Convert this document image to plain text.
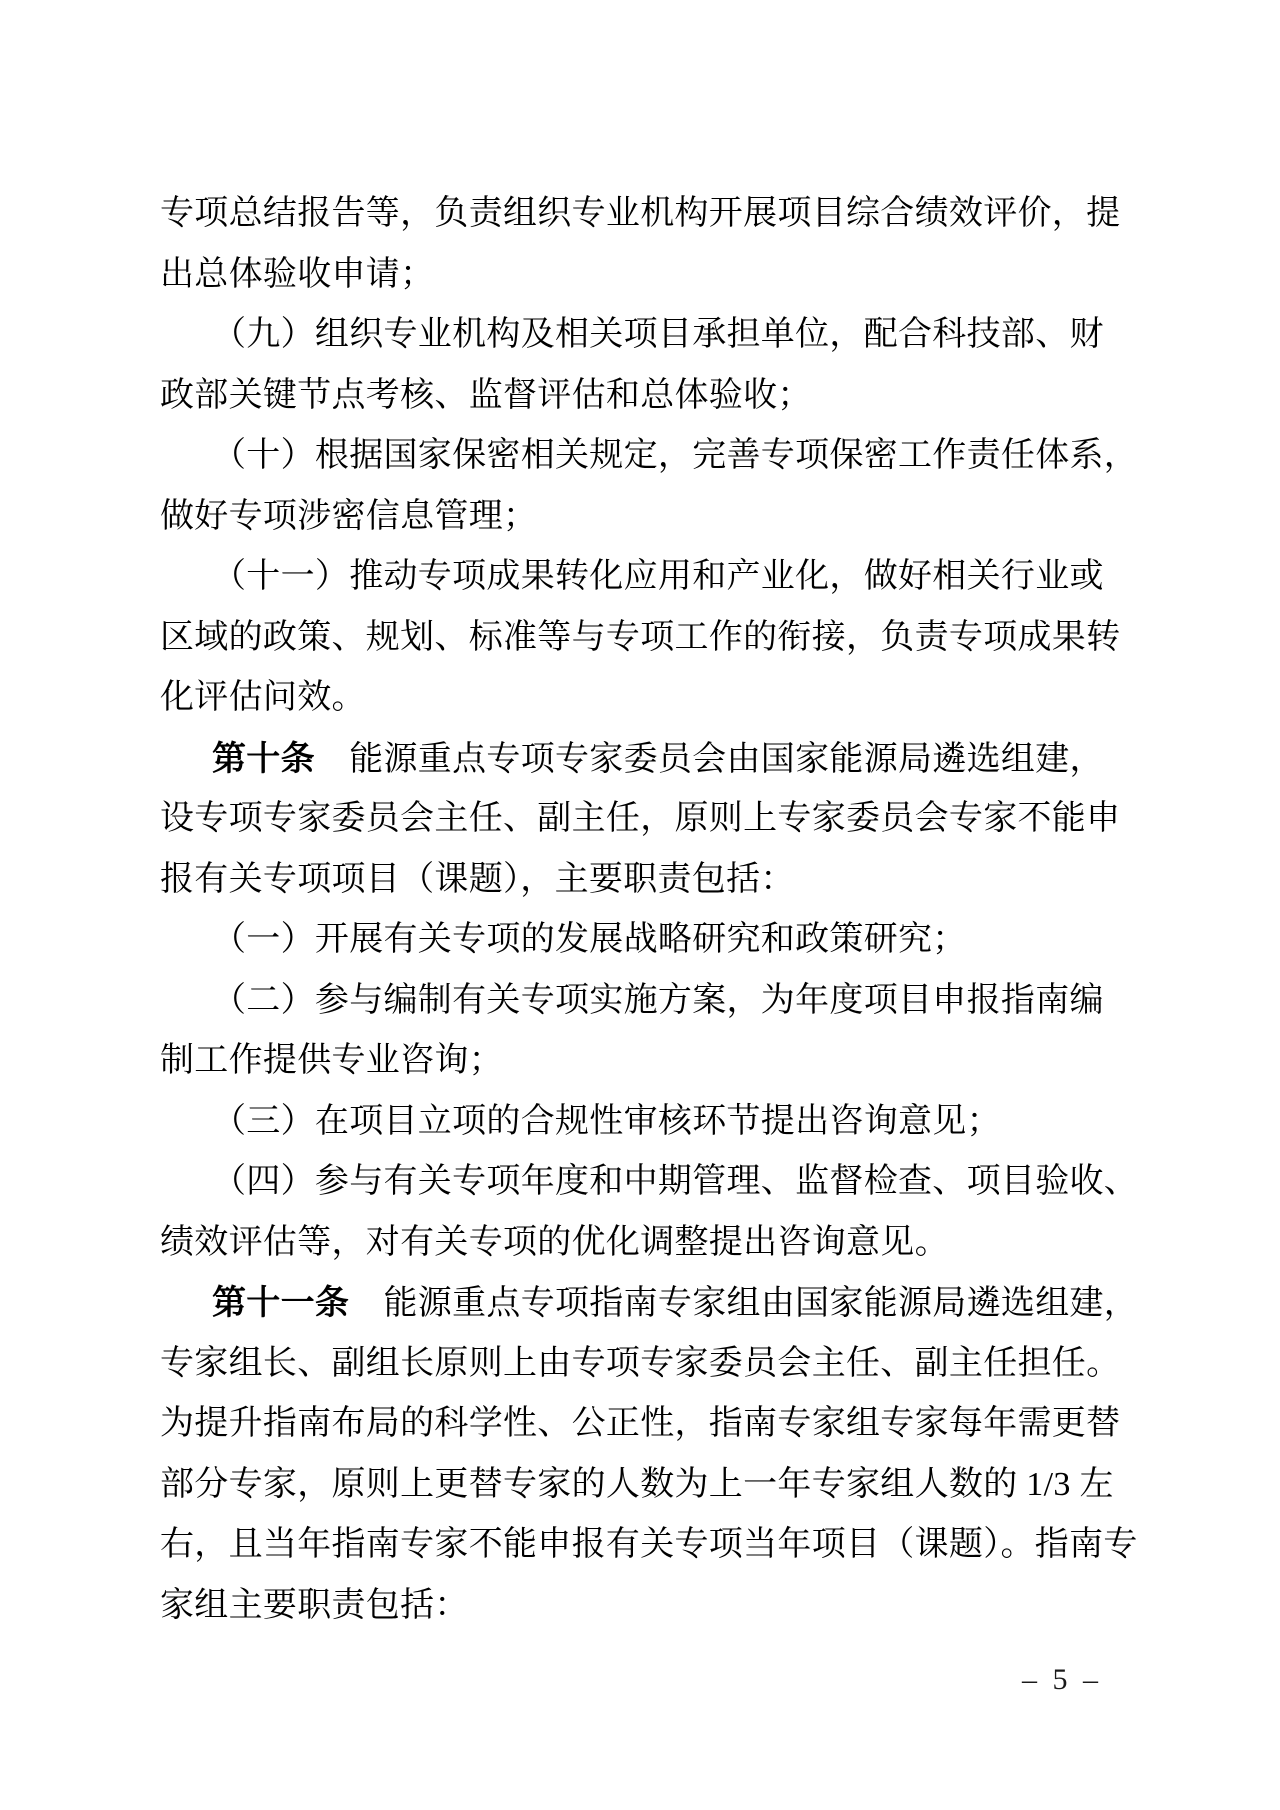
专项总结报告等，负责组织专业机构开展项目综合绩效评价，提
出总体验收申请；
（九）组织专业机构及相关项目承担单位，配合科技部、财
政部关键节点考核、监督评估和总体验收；
（十）根据国家保密相关规定，完善专项保密工作责任体系，
做好专项涉密信息管理；
（十一）推动专项成果转化应用和产业化，做好相关行业或
区域的政策、规划、标准等与专项工作的衔接，负责专项成果转
化评估问效。
第十条　能源重点专项专家委员会由国家能源局遴选组建，
设专项专家委员会主任、副主任，原则上专家委员会专家不能申
报有关专项项目（课题），主要职责包括：
（一）开展有关专项的发展战略研究和政策研究；
（二）参与编制有关专项实施方案，为年度项目申报指南编
制工作提供专业咨询；
（三）在项目立项的合规性审核环节提出咨询意见；
（四）参与有关专项年度和中期管理、监督检查、项目验收、
绩效评估等，对有关专项的优化调整提出咨询意见。
第十一条　能源重点专项指南专家组由国家能源局遴选组建，
专家组长、副组长原则上由专项专家委员会主任、副主任担任。
为提升指南布局的科学性、公正性，指南专家组专家每年需更替
部分专家，原则上更替专家的人数为上一年专家组人数的 1/3 左
右，且当年指南专家不能申报有关专项当年项目（课题）。指南专
家组主要职责包括：
– 5 –
